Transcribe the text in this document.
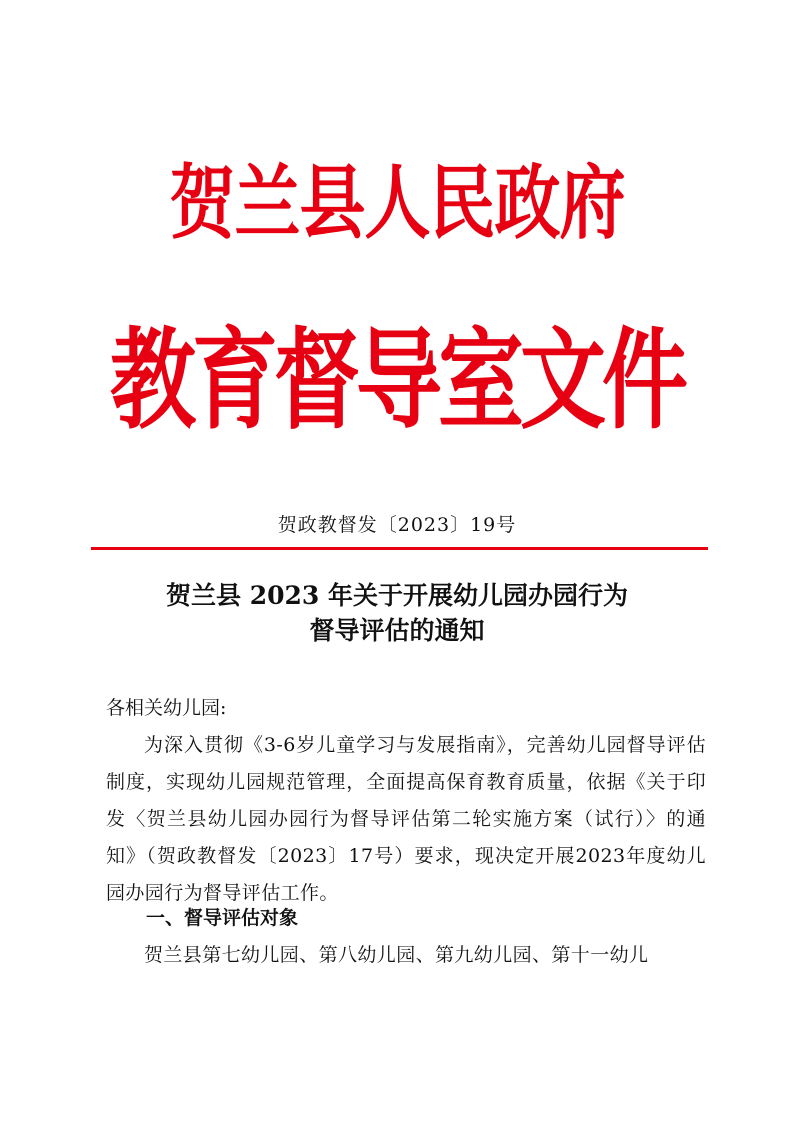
贺兰县人民政府
教育督导室文件
贺政教督发〔2023〕19号
贺兰县 2023 年关于开展幼儿园办园行为
督导评估的通知
各相关幼儿园:
为深入贯彻《3-6岁儿童学习与发展指南》，完善幼儿园督导评估制度，实现幼儿园规范管理，全面提高保育教育质量，依据《关于印发〈贺兰县幼儿园办园行为督导评估第二轮实施方案（试行）〉的通知》（贺政教督发〔2023〕17号）要求，现决定开展2023年度幼儿园办园行为督导评估工作。
一、督导评估对象
贺兰县第七幼儿园、第八幼儿园、第九幼儿园、第十一幼儿
